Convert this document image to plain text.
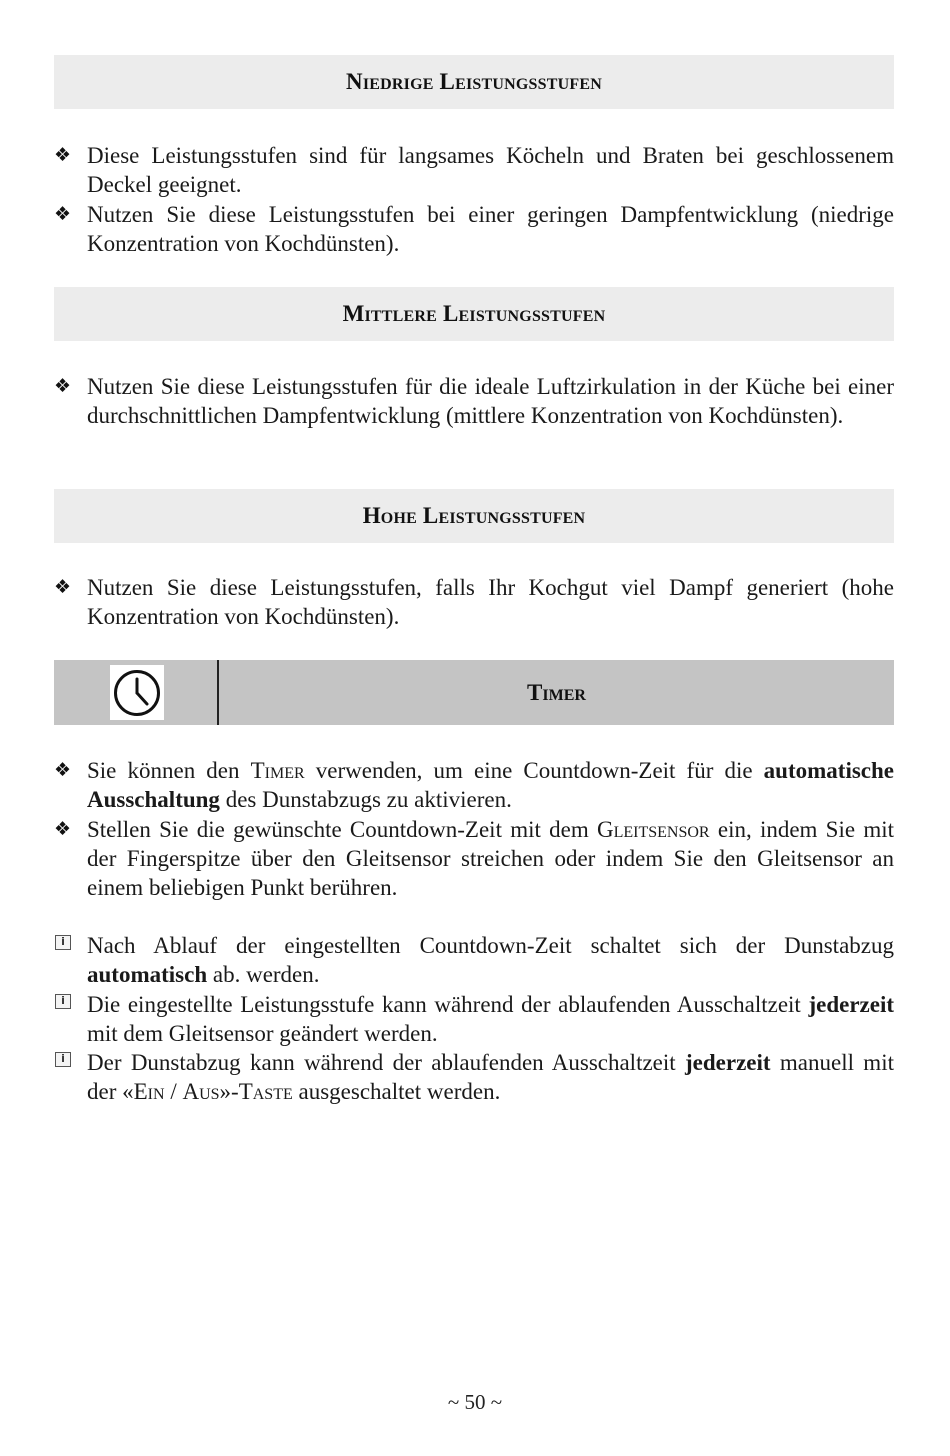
Niedrige Leistungsstufen
❖ Diese Leistungsstufen sind für langsames Köcheln und Braten bei geschlossenem Deckel geeignet.
❖ Nutzen Sie diese Leistungsstufen bei einer geringen Dampfentwicklung (niedrige Konzentration von Kochdünsten).
Mittlere Leistungsstufen
❖ Nutzen Sie diese Leistungsstufen für die ideale Luftzirkulation in der Küche bei einer durchschnittlichen Dampfentwicklung (mittlere Konzentration von Kochdünsten).
Hohe Leistungsstufen
❖ Nutzen Sie diese Leistungsstufen, falls Ihr Kochgut viel Dampf generiert (hohe Konzentration von Kochdünsten).
Timer
❖ Sie können den Timer verwenden, um eine Countdown-Zeit für die automatische Ausschaltung des Dunstabzugs zu aktivieren.
❖ Stellen Sie die gewünschte Countdown-Zeit mit dem Gleitsensor ein, indem Sie mit der Fingerspitze über den Gleitsensor streichen oder indem Sie den Gleitsensor an einem beliebigen Punkt berühren.
i Nach Ablauf der eingestellten Countdown-Zeit schaltet sich der Dunstabzug automatisch ab. werden.
i Die eingestellte Leistungsstufe kann während der ablaufenden Ausschaltzeit jederzeit mit dem Gleitsensor geändert werden.
i Der Dunstabzug kann während der ablaufenden Ausschaltzeit jederzeit manuell mit der «Ein / Aus»-Taste ausgeschaltet werden.
~ 50 ~
